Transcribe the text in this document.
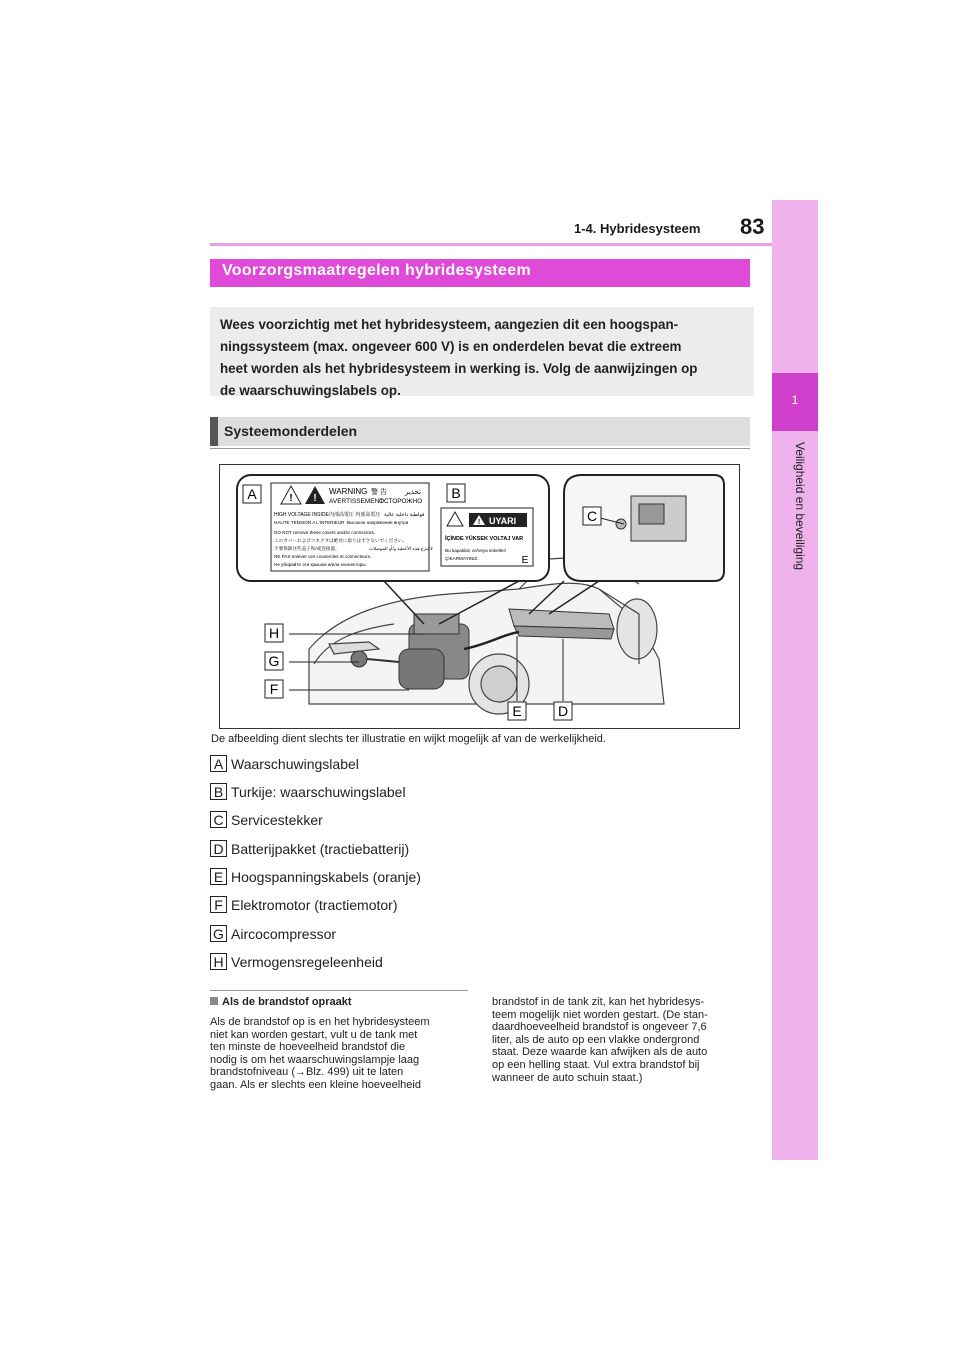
1-4. Hybridesysteem 83
1
Veiligheid en beveiliging
Voorzorgsmaatregelen hybridesysteem
Wees voorzichtig met het hybridesysteem, aangezien dit een hoogspan-
ningssysteem (max. ongeveer 600 V) is en onderdelen bevat die extreem
heet worden als het hybridesysteem in werking is. Volg de aanwijzingen op
de waarschuwingslabels op.
Systeemonderdelen
! !
WARNING 警 告	تحذير
AVERTISSEMENT
ОСТОРОЖНО
HIGH VOLTAGE INSIDE 内部高電圧 内部高電圧 فولطية داخلية عالية
HAUTE TENSION A L'INTERIEUR Высокое напряжение внутри
DO NOT remove these covers and/or connectors.
このカバーおよびコネクタは絶対に取りはずさないでください。
不要拆卸这些盖子和/或连接器。	لا تنزع هذه الأغطية و/أو الموصلات
NE PAS enlever ces couvercles et connecteurs.
Не убирайте эти крышки и/или коннекторы.
! UYARI
İÇİNDE YÜKSEK VOLTAJ VAR
Bu kapakları ve/veya soketleri
ÇIKARMAYINIZ.
A	B
C
D
E
E
F
G
H
De afbeelding dient slechts ter illustratie en wijkt mogelijk af van de werkelijkheid.
A Waarschuwingslabel
B Turkije: waarschuwingslabel
C Servicestekker
D Batterijpakket (tractiebatterij)
E Hoogspanningskabels (oranje)
F Elektromotor (tractiemotor)
G Aircocompressor
H Vermogensregeleenheid
Als de brandstof opraakt
Als de brandstof op is en het hybridesysteem
niet kan worden gestart, vult u de tank met
ten minste de hoeveelheid brandstof die
nodig is om het waarschuwingslampje laag
brandstofniveau (→Blz. 499) uit te laten
gaan. Als er slechts een kleine hoeveelheid
brandstof in de tank zit, kan het hybridesys-
teem mogelijk niet worden gestart. (De stan-
daardhoeveelheid brandstof is ongeveer 7,6
liter, als de auto op een vlakke ondergrond
staat. Deze waarde kan afwijken als de auto
op een helling staat. Vul extra brandstof bij
wanneer de auto schuin staat.)
